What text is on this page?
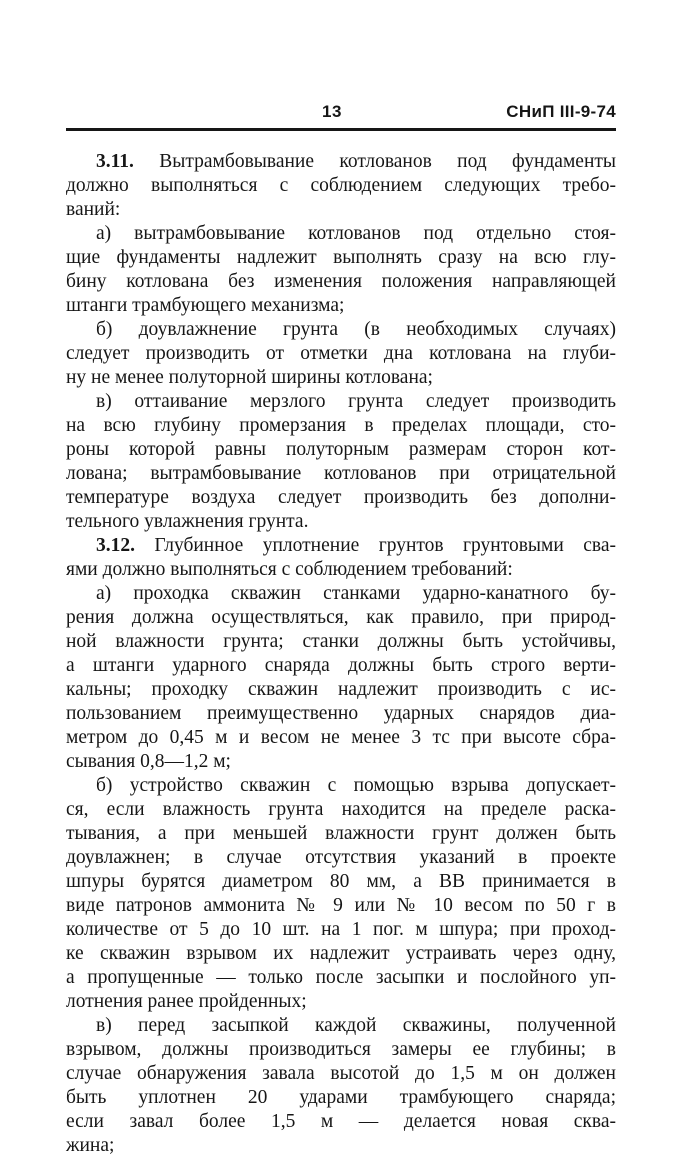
13	СНиП III-9-74
3.11. Вытрамбовывание котлованов под фундаменты
должно выполняться с соблюдением следующих требо-
ваний:
а) вытрамбовывание котлованов под отдельно стоя-
щие фундаменты надлежит выполнять сразу на всю глу-
бину котлована без изменения положения направляющей
штанги трамбующего механизма;
б) доувлажнение грунта (в необходимых случаях)
следует производить от отметки дна котлована на глуби-
ну не менее полуторной ширины котлована;
в) оттаивание мерзлого грунта следует производить
на всю глубину промерзания в пределах площади, сто-
роны которой равны полуторным размерам сторон кот-
лована; вытрамбовывание котлованов при отрицательной
температуре воздуха следует производить без дополни-
тельного увлажнения грунта.
3.12. Глубинное уплотнение грунтов грунтовыми сва-
ями должно выполняться с соблюдением требований:
а) проходка скважин станками ударно-канатного бу-
рения должна осуществляться, как правило, при природ-
ной влажности грунта; станки должны быть устойчивы,
а штанги ударного снаряда должны быть строго верти-
кальны; проходку скважин надлежит производить с ис-
пользованием преимущественно ударных снарядов диа-
метром до 0,45 м и весом не менее 3 тс при высоте сбра-
сывания 0,8—1,2 м;
б) устройство скважин с помощью взрыва допускает-
ся, если влажность грунта находится на пределе раска-
тывания, а при меньшей влажности грунт должен быть
доувлажнен; в случае отсутствия указаний в проекте
шпуры бурятся диаметром 80 мм, а ВВ принимается в
виде патронов аммонита № 9 или № 10 весом по 50 г в
количестве от 5 до 10 шт. на 1 пог. м шпура; при проход-
ке скважин взрывом их надлежит устраивать через одну,
а пропущенные — только после засыпки и послойного уп-
лотнения ранее пройденных;
в) перед засыпкой каждой скважины, полученной
взрывом, должны производиться замеры ее глубины; в
случае обнаружения завала высотой до 1,5 м он должен
быть уплотнен 20 ударами трамбующего снаряда;
если завал более 1,5 м — делается новая сква-
жина;
